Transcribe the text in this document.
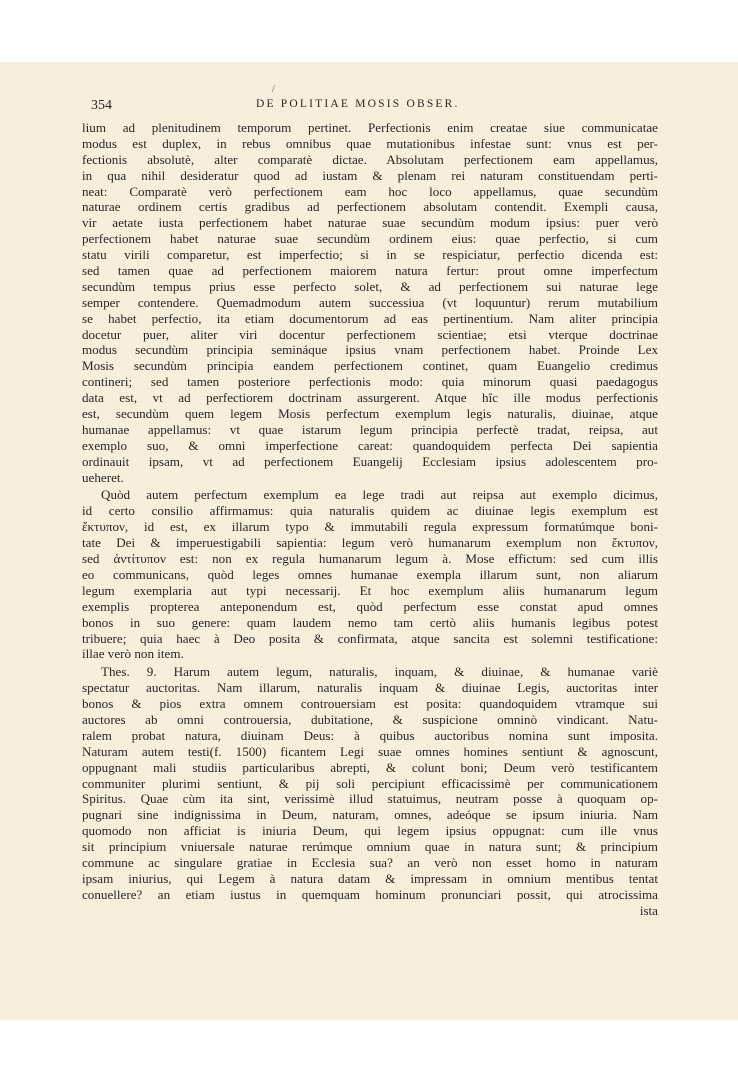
/
354	DE POLITIAE MOSIS OBSER.
lium ad plenitudinem temporum pertinet. Perfectionis enim creatae siue communicatae
modus est duplex, in rebus omnibus quae mutationibus infestae sunt: vnus est per-
fectionis absolutè, alter comparatè dictae. Absolutam perfectionem eam appellamus,
in qua nihil desideratur quod ad iustam & plenam rei naturam constituendam perti-
neat: Comparatè verò perfectionem eam hoc loco appellamus, quae secundùm
naturae ordinem certis gradibus ad perfectionem absolutam contendit. Exempli causa,
vir aetate iusta perfectionem habet naturae suae secundùm modum ipsius: puer verò
perfectionem habet naturae suae secundùm ordinem eius: quae perfectio, si cum
statu virili comparetur, est imperfectio; si in se respiciatur, perfectio dicenda est:
sed tamen quae ad perfectionem maiorem natura fertur: prout omne imperfectum
secundùm tempus prius esse perfecto solet, & ad perfectionem sui naturae lege
semper contendere. Quemadmodum autem successiua (vt loquuntur) rerum mutabilium
se habet perfectio, ita etiam documentorum ad eas pertinentium. Nam aliter principia
docetur puer, aliter viri docentur perfectionem scientiae; etsi vterque doctrinae
modus secundùm principia semináque ipsius vnam perfectionem habet. Proinde Lex
Mosis secundùm principia eandem perfectionem continet, quam Euangelio credimus
contineri; sed tamen posteriore perfectionis modo: quia minorum quasi paedagogus
data est, vt ad perfectiorem doctrinam assurgerent. Atque hîc ille modus perfectionis
est, secundùm quem legem Mosis perfectum exemplum legis naturalis, diuinae, atque
humanae appellamus: vt quae istarum legum principia perfectè tradat, reipsa, aut
exemplo suo, & omni imperfectione careat: quandoquidem perfecta Dei sapientia
ordinauit ipsam, vt ad perfectionem Euangelij Ecclesiam ipsius adolescentem pro-
ueheret.
Quòd autem perfectum exemplum ea lege tradi aut reipsa aut exemplo dicimus,
id certo consilio affirmamus: quia naturalis quidem ac diuinae legis exemplum est
ἔκτυπον, id est, ex illarum typo & immutabili regula expressum formatúmque boni-
tate Dei & imperuestigabili sapientia: legum verò humanarum exemplum non ἔκτυπον,
sed ἀντίτυπον est: non ex regula humanarum legum à. Mose effictum: sed cum illis
eo communicans, quòd leges omnes humanae exempla illarum sunt, non aliarum
legum exemplaria aut typi necessarij. Et hoc exemplum aliis humanarum legum
exemplis propterea anteponendum est, quòd perfectum esse constat apud omnes
bonos in suo genere: quam laudem nemo tam certò aliis humanis legibus potest
tribuere; quia haec à Deo posita & confirmata, atque sancita est solemni testificatione:
illae verò non item.
Thes. 9. Harum autem legum, naturalis, inquam, & diuinae, & humanae variè
spectatur auctoritas. Nam illarum, naturalis inquam & diuinae Legis, auctoritas inter
bonos & pios extra omnem controuersiam est posita: quandoquidem vtramque sui
auctores ab omni controuersia, dubitatione, & suspicione omninò vindicant. Natu-
ralem probat natura, diuinam Deus: à quibus auctoribus nomina sunt imposita.
Naturam autem testi(f. 1500) ficantem Legi suae omnes homines sentiunt & agnoscunt,
oppugnant mali studiis particularibus abrepti, & colunt boni; Deum verò testificantem
communiter plurimi sentiunt, & pij soli percipiunt efficacissimè per communicationem
Spiritus. Quae cùm ita sint, verissimè illud statuimus, neutram posse à quoquam op-
pugnari sine indignissima in Deum, naturam, omnes, adeóque se ipsum iniuria. Nam
quomodo non afficiat is iniuria Deum, qui legem ipsius oppugnat: cum ille vnus
sit principium vniuersale naturae rerúmque omnium quae in natura sunt; & principium
commune ac singulare gratiae in Ecclesia sua? an verò non esset homo in naturam
ipsam iniurius, qui Legem à natura datam & impressam in omnium mentibus tentat
conuellere? an etiam iustus in quemquam hominum pronunciari possit, qui atrocissima
ista
